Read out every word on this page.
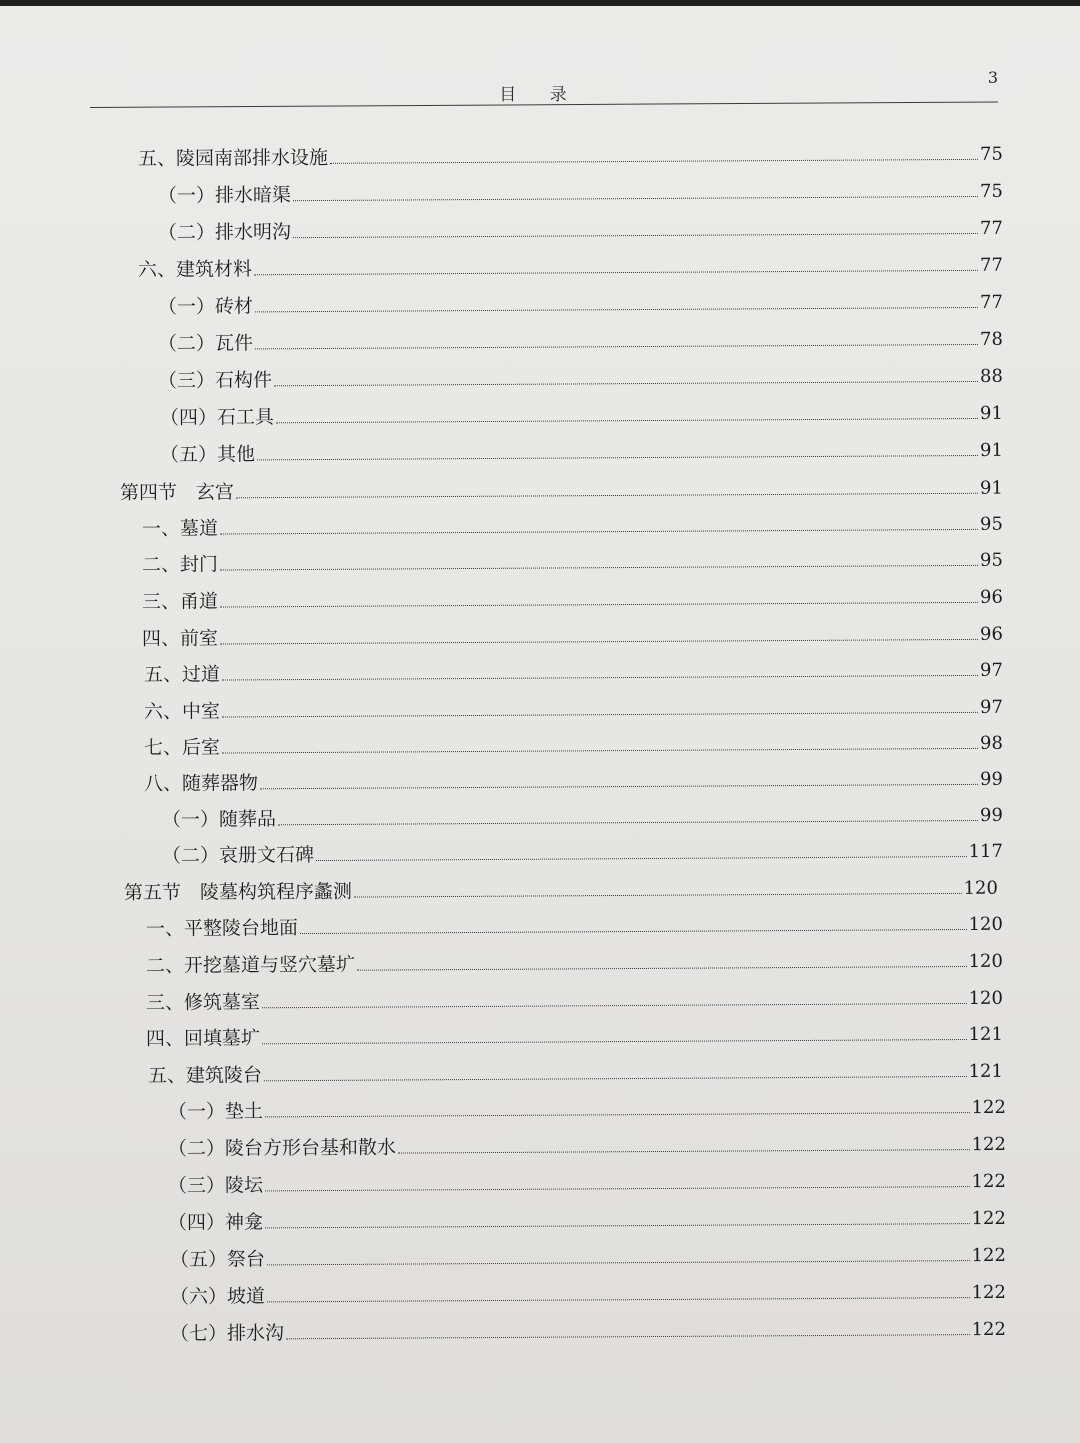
目 录
3
五、陵园南部排水设施	75
（一）排水暗渠	75
（二）排水明沟	77
六、建筑材料	77
（一）砖材	77
（二）瓦件	78
（三）石构件	88
（四）石工具	91
（五）其他	91
第四节　玄宫	91
一、墓道	95
二、封门	95
三、甬道	96
四、前室	96
五、过道	97
六、中室	97
七、后室	98
八、随葬器物	99
（一）随葬品	99
（二）哀册文石碑	117
第五节　陵墓构筑程序蠡测	120
一、平整陵台地面	120
二、开挖墓道与竖穴墓圹	120
三、修筑墓室	120
四、回填墓圹	121
五、建筑陵台	121
（一）垫土	122
（二）陵台方形台基和散水	122
（三）陵坛	122
（四）神龛	122
（五）祭台	122
（六）坡道	122
（七）排水沟	122
